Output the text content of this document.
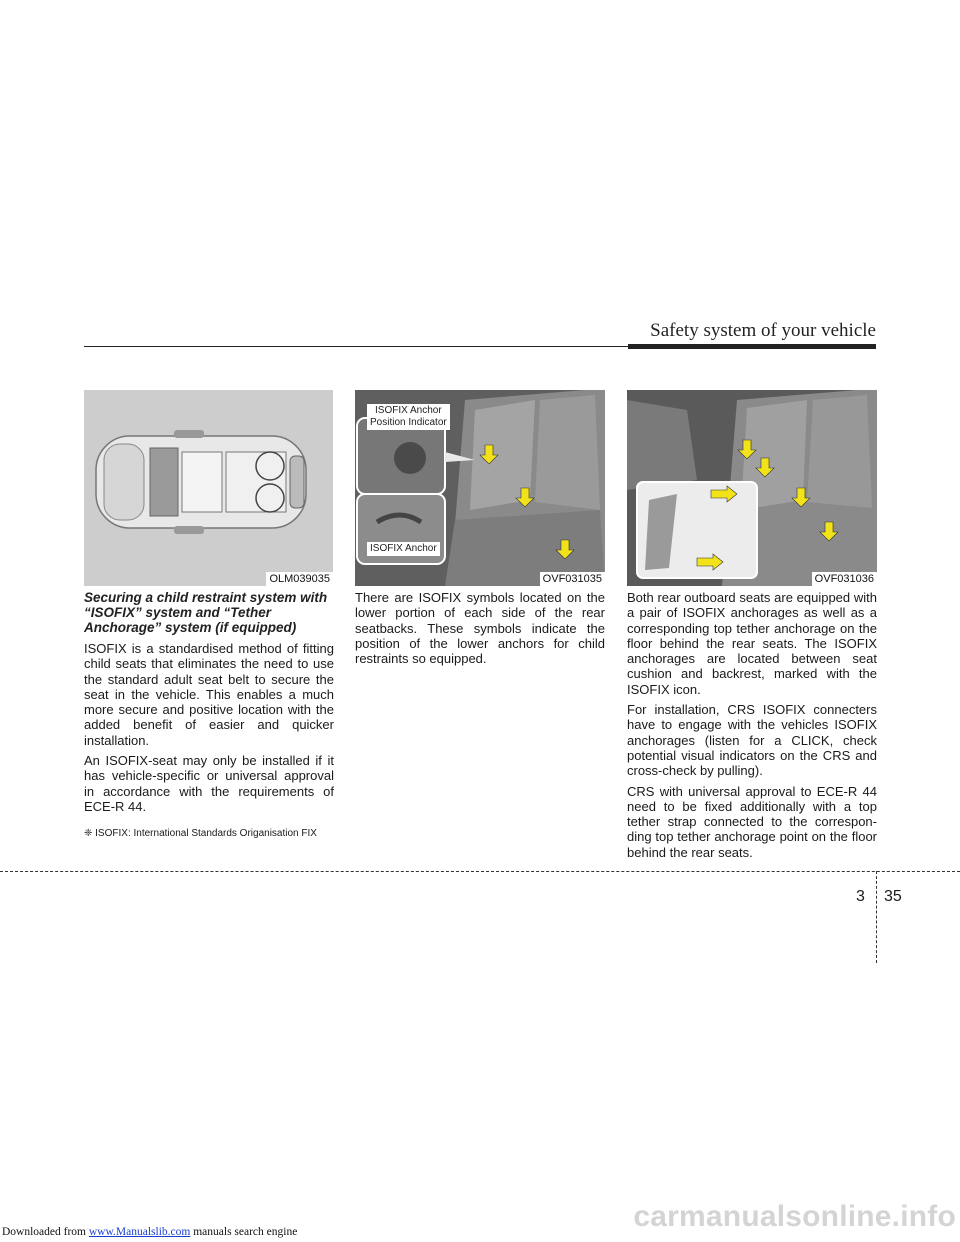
Safety system of your vehicle
OLM039035
ISOFIX Anchor
Position Indicator
ISOFIX Anchor
OVF031035	OVF031036
Securing a child restraint system with “ISOFIX” system and “Tether Anchorage” system (if equipped)

ISOFIX is a standardised method of fitting child seats that eliminates the need to use the standard adult seat belt to secure the seat in the vehicle. This enables a much more secure and positive location with the added benefit of easier and quicker installation.

An ISOFIX-seat may only be installed if it has vehicle-specific or universal approval in accordance with the requirements of ECE-R 44.

❈ ISOFIX: International Standards Origanisation FIX

There are ISOFIX symbols located on the lower portion of each side of the rear seatbacks. These symbols indicate the position of the lower anchors for child restraints so equipped.

Both rear outboard seats are equipped with a pair of ISOFIX anchorages as well as a corresponding top tether anchorage on the floor behind the rear seats. The ISOFIX anchorages are located between seat cushion and backrest, marked with the ISOFIX icon.

For installation, CRS ISOFIX connecters have to engage with the vehicles ISOFIX anchorages (listen for a CLICK, check potential visual indicators on the CRS and cross-check by pulling).

CRS with universal approval to ECE-R 44 need to be fixed additionally with a top tether strap connected to the correspon-ding top tether anchorage point on the floor behind the rear seats.

3 35
Downloaded from www.Manualslib.com manuals search engine	carmanualsonline.info
